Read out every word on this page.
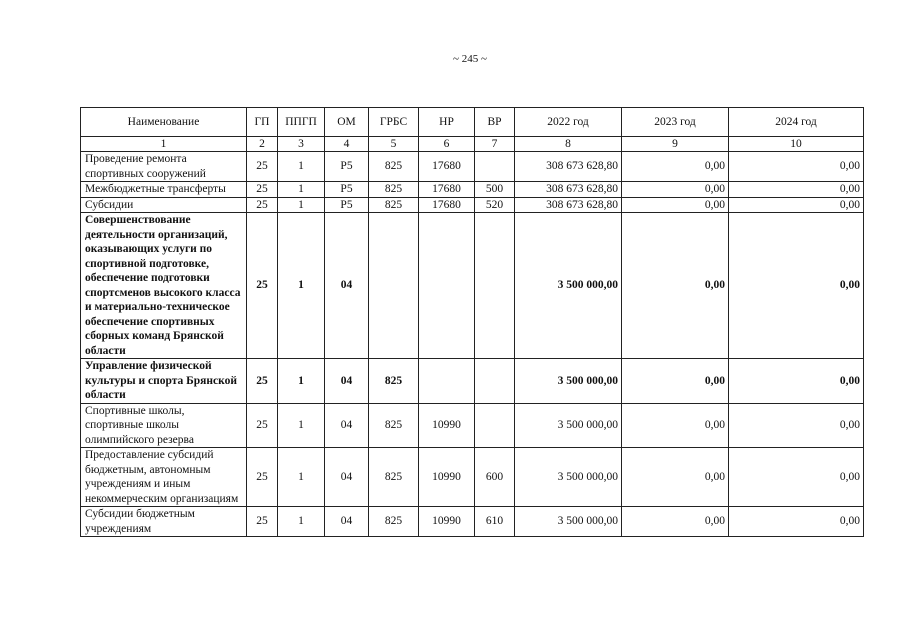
~ 245 ~
Наименование	ГП	ППГП	ОМ	ГРБС	НР	ВР	2022 год	2023 год	2024 год
1	2	3	4	5	6	7	8	9	10
Проведение ремонта спортивных сооружений	25	1	P5	825	17680		308 673 628,80	0,00	0,00
Межбюджетные трансферты	25	1	P5	825	17680	500	308 673 628,80	0,00	0,00
Субсидии	25	1	P5	825	17680	520	308 673 628,80	0,00	0,00
Совершенствование деятельности организаций, оказывающих услуги по спортивной подготовке, обеспечение подготовки спортсменов высокого класса и материально-техническое обеспечение спортивных сборных команд Брянской области	25	1	04				3 500 000,00	0,00	0,00
Управление физической культуры и спорта Брянской области	25	1	04	825			3 500 000,00	0,00	0,00
Спортивные школы, спортивные школы олимпийского резерва	25	1	04	825	10990		3 500 000,00	0,00	0,00
Предоставление субсидий бюджетным, автономным учреждениям и иным некоммерческим организациям	25	1	04	825	10990	600	3 500 000,00	0,00	0,00
Субсидии бюджетным учреждениям	25	1	04	825	10990	610	3 500 000,00	0,00	0,00
